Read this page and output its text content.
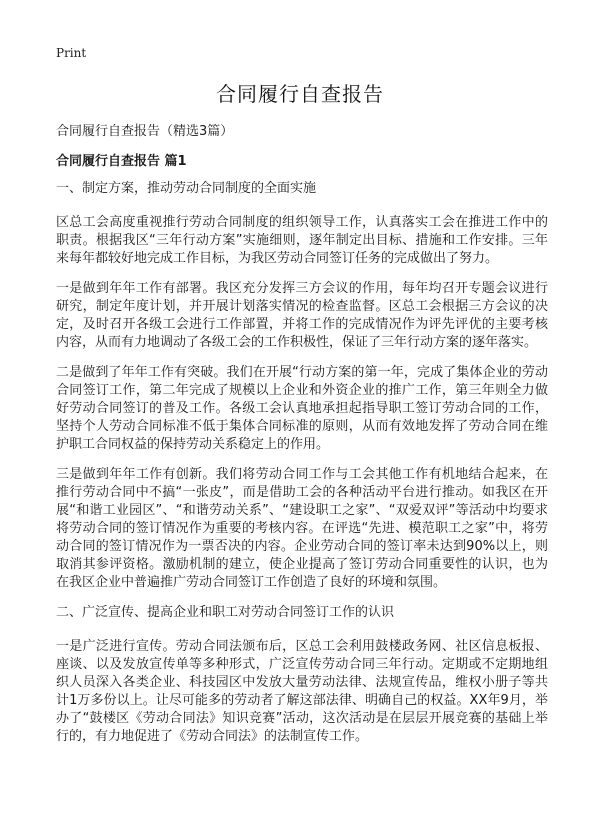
Print
合同履行自查报告

合同履行自查报告（精选3篇）

合同履行自查报告 篇1

一、制定方案，推动劳动合同制度的全面实施

区总工会高度重视推行劳动合同制度的组织领导工作，认真落实工会在推进工作中的职责。根据我区“三年行动方案”实施细则，逐年制定出目标、措施和工作安排。三年来每年都较好地完成工作目标，为我区劳动合同签订任务的完成做出了努力。

一是做到年年工作有部署。我区充分发挥三方会议的作用，每年均召开专题会议进行研究，制定年度计划，并开展计划落实情况的检查监督。区总工会根据三方会议的决定，及时召开各级工会进行工作部置，并将工作的完成情况作为评先评优的主要考核内容，从而有力地调动了各级工会的工作积极性，保证了三年行动方案的逐年落实。

二是做到了年年工作有突破。我们在开展“行动方案的第一年，完成了集体企业的劳动合同签订工作，第二年完成了规模以上企业和外资企业的推广工作，第三年则全力做好劳动合同签订的普及工作。各级工会认真地承担起指导职工签订劳动合同的工作，坚持个人劳动合同标准不低于集体合同标准的原则，从而有效地发挥了劳动合同在维护职工合同权益的保持劳动关系稳定上的作用。

三是做到年年工作有创新。我们将劳动合同工作与工会其他工作有机地结合起来，在推行劳动合同中不搞“一张皮”，而是借助工会的各种活动平台进行推动。如我区在开展“和谐工业园区”、“和谐劳动关系”、“建设职工之家”、“双爱双评”等活动中均要求将劳动合同的签订情况作为重要的考核内容。在评选“先进、模范职工之家”中，将劳动合同的签订情况作为一票否决的内容。企业劳动合同的签订率未达到90%以上，则取消其参评资格。激励机制的建立，使企业提高了签订劳动合同重要性的认识，也为在我区企业中普遍推广劳动合同签订工作创造了良好的环境和氛围。

二、广泛宣传、提高企业和职工对劳动合同签订工作的认识

一是广泛进行宣传。劳动合同法颁布后，区总工会利用鼓楼政务网、社区信息板报、座谈、以及发放宣传单等多种形式，广泛宣传劳动合同三年行动。定期或不定期地组织人员深入各类企业、科技园区中发放大量劳动法律、法规宣传品，维权小册子等共计1万多份以上。让尽可能多的劳动者了解这部法律、明确自己的权益。XX年9月，举办了“鼓楼区《劳动合同法》知识竞赛”活动，这次活动是在层层开展竞赛的基础上举行的，有力地促进了《劳动合同法》的法制宣传工作。
